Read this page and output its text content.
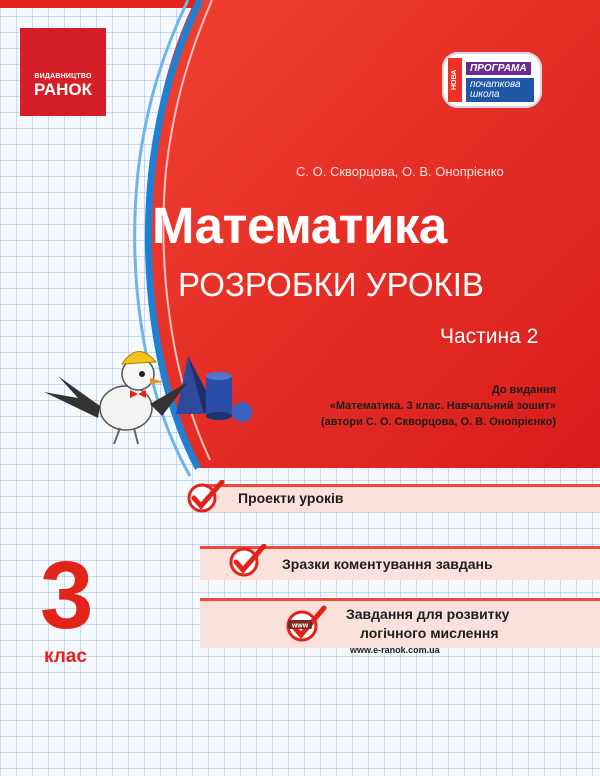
ВИДАВНИЦТВО
РАНОК	НОВА
ПРОГРАМА
початкова
школа
С. О. Скворцова, О. В. Онопрієнко
Математика
РОЗРОБКИ УРОКІВ
Частина 2
До видання
«Математика. 3 клас. Навчальний зошит»
(автори С. О. Скворцова, О. В. Онопрієнко)
Проекти уроків
Зразки коментування завдань
www
Завдання для розвитку
логічного мислення
www.e-ranok.com.ua
3
клас
